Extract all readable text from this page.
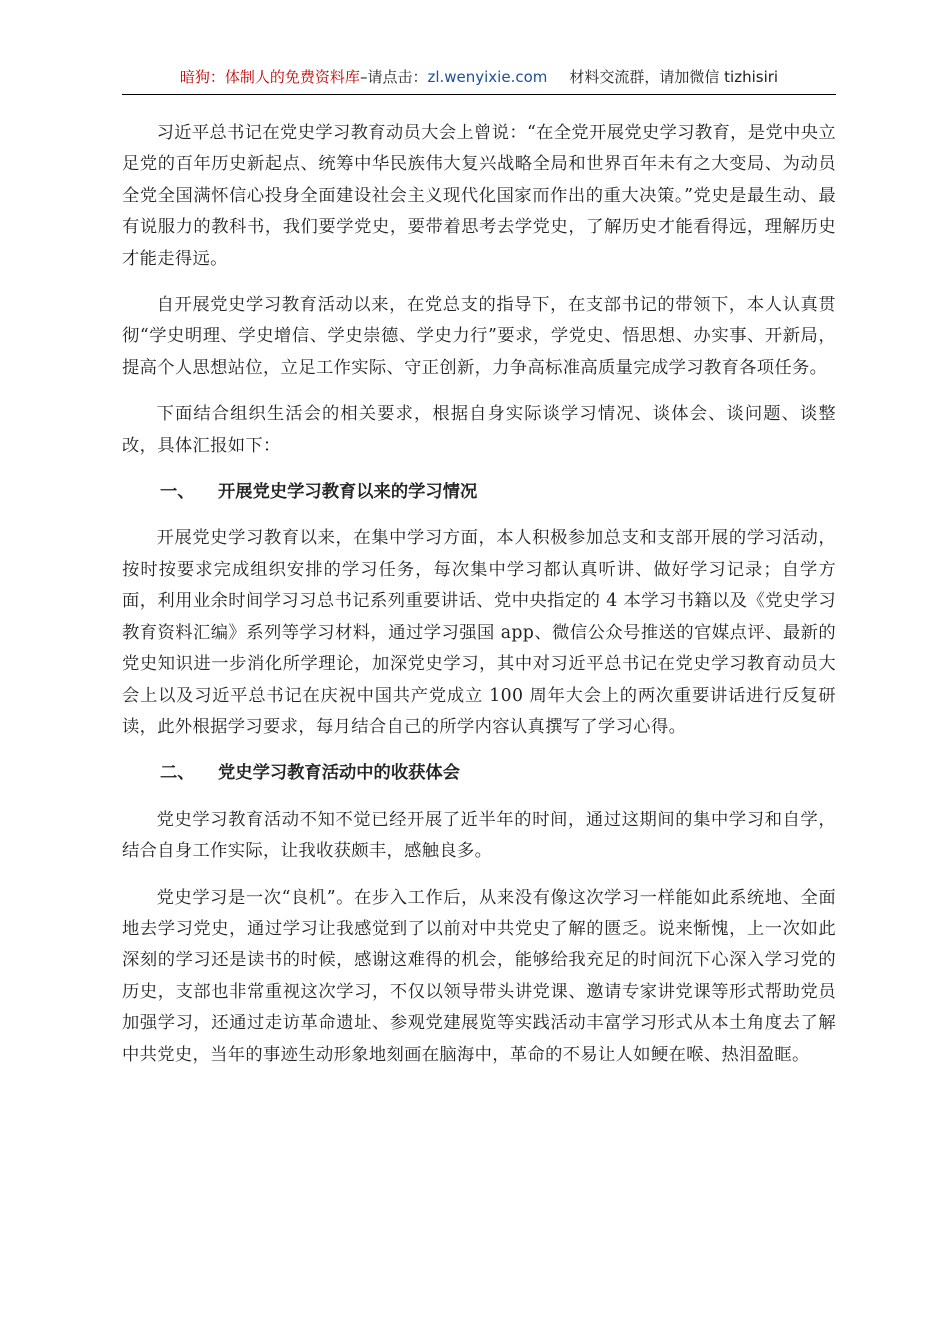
暗狗：体制人的免费资料库–请点击：zl.wenyixie.com 材料交流群，请加微信 tizhisiri

习近平总书记在党史学习教育动员大会上曾说：“在全党开展党史学习教育，是党中央立足党的百年历史新起点、统筹中华民族伟大复兴战略全局和世界百年未有之大变局、为动员全党全国满怀信心投身全面建设社会主义现代化国家而作出的重大决策。”党史是最生动、最有说服力的教科书，我们要学党史，要带着思考去学党史，了解历史才能看得远，理解历史才能走得远。

自开展党史学习教育活动以来，在党总支的指导下，在支部书记的带领下，本人认真贯彻“学史明理、学史增信、学史崇德、学史力行”要求，学党史、悟思想、办实事、开新局，提高个人思想站位，立足工作实际、守正创新，力争高标准高质量完成学习教育各项任务。

下面结合组织生活会的相关要求，根据自身实际谈学习情况、谈体会、谈问题、谈整改，具体汇报如下：

一、 开展党史学习教育以来的学习情况

开展党史学习教育以来，在集中学习方面，本人积极参加总支和支部开展的学习活动，按时按要求完成组织安排的学习任务，每次集中学习都认真听讲、做好学习记录；自学方面，利用业余时间学习习总书记系列重要讲话、党中央指定的 4 本学习书籍以及《党史学习教育资料汇编》系列等学习材料，通过学习强国 app、微信公众号推送的官媒点评、最新的党史知识进一步消化所学理论，加深党史学习，其中对习近平总书记在党史学习教育动员大会上以及习近平总书记在庆祝中国共产党成立 100 周年大会上的两次重要讲话进行反复研读，此外根据学习要求，每月结合自己的所学内容认真撰写了学习心得。

二、 党史学习教育活动中的收获体会

党史学习教育活动不知不觉已经开展了近半年的时间，通过这期间的集中学习和自学，结合自身工作实际，让我收获颇丰，感触良多。

党史学习是一次“良机”。在步入工作后，从来没有像这次学习一样能如此系统地、全面地去学习党史，通过学习让我感觉到了以前对中共党史了解的匮乏。说来惭愧，上一次如此深刻的学习还是读书的时候，感谢这难得的机会，能够给我充足的时间沉下心深入学习党的历史，支部也非常重视这次学习，不仅以领导带头讲党课、邀请专家讲党课等形式帮助党员加强学习，还通过走访革命遗址、参观党建展览等实践活动丰富学习形式从本土角度去了解中共党史，当年的事迹生动形象地刻画在脑海中，革命的不易让人如鲠在喉、热泪盈眶。
